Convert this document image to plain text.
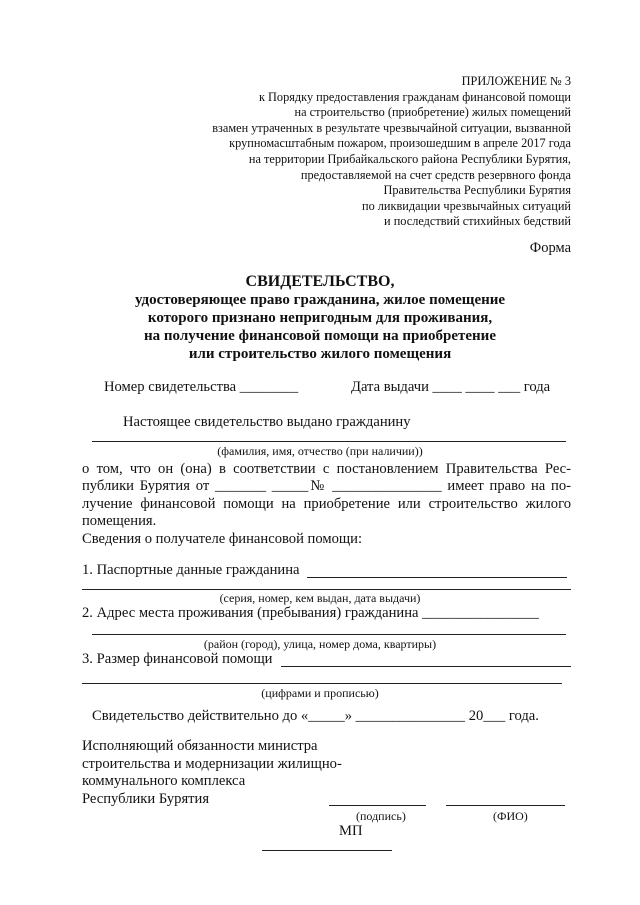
ПРИЛОЖЕНИЕ № 3
к Порядку предоставления гражданам финансовой помощи
на строительство (приобретение) жилых помещений
взамен утраченных в результате чрезвычайной ситуации, вызванной
крупномасштабным пожаром, произошедшим в апреле 2017 года
на территории Прибайкальского района Республики Бурятия,
предоставляемой на счет средств резервного фонда
Правительства Республики Бурятия
по ликвидации чрезвычайных ситуаций
и последствий стихийных бедствий
Форма
СВИДЕТЕЛЬСТВО,
удостоверяющее право гражданина, жилое помещение
которого признано непригодным для проживания,
на получение финансовой помощи на приобретение
или строительство жилого помещения
Номер свидетельства ________	Дата выдачи ____ ____ ___ года
Настоящее свидетельство выдано гражданину
(фамилия, имя, отчество (при наличии))
о том, что он (она) в соответствии с постановлением Правительства Рес-
публики Бурятия от _______ _____№ _______________ имеет право на по-
лучение финансовой помощи на приобретение или строительство жилого
помещения.
Сведения о получателе финансовой помощи:
1. Паспортные данные гражданина
(серия, номер, кем выдан, дата выдачи)
2. Адрес места проживания (пребывания) гражданина ________________
(район (город), улица, номер дома, квартиры)
3. Размер финансовой помощи
(цифрами и прописью)
Свидетельство действительно до «_____» _______________ 20___ года.
Исполняющий обязанности министра
строительства и модернизации жилищно-
коммунального комплекса
Республики Бурятия
(подпись)	(ФИО)
МП
